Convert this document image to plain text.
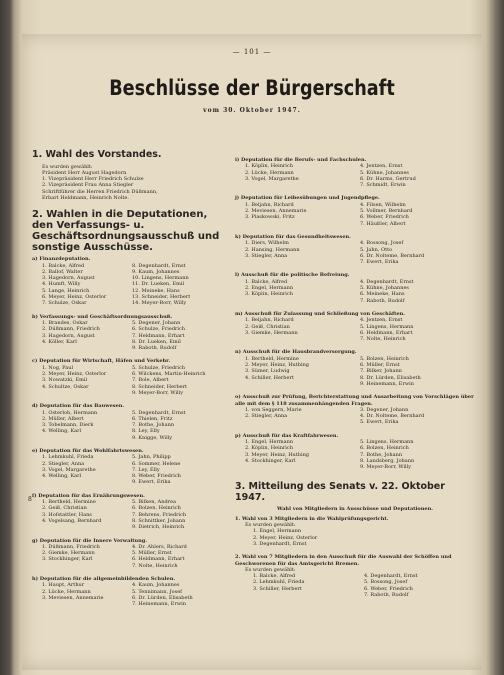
— 101 —
Beschlüsse der Bürgerschaft
vom 30. Oktober 1947.
8
1. Wahl des Vorstandes.
Es wurden gewählt:
Präsident Herr August Hagedorn
1. Vizepräsident Herr Friedrich Schulze
2. Vizepräsident Frau Anna Stiegler
Schriftführer die Herren Friedrich Düßmann,
Erhart Heldmann, Heinrich Nolte.
2. Wahlen in die Deputationen, den Verfassungs- u. Geschäftsordnungsausschuß und sonstige Ausschüsse.
a) Finanzdeputation.
1. Balcke, Alfred
2. Ballof, Walter
3. Hagedorn, August
4. Humft, Willy
5. Lange, Heinrich
6. Meyer, Heinz, Osterlor
7. Schulze, Oskar
8. Degenhardt, Ernst
9. Kaum, Johannes
10. Lingens, Hermann
11. Dr. Lueken, Emil
12. Meineke, Hans
13. Schneider, Herbert
14. Meyer-Borr, Willy
b) Verfassungs- und Geschäftsordnungsausschuß.
1. Brandes, Oskar
2. Düßmann, Friedrich
3. Hagedorn, August
4. Köller, Karl
5. Degener, Johann
6. Schulze, Friedrich
7. Heldmann, Erhart
8. Dr. Lueken, Emil
9. Raboth, Rudolf
c) Deputation für Wirtschaft, Häfen und Verkehr.
1. Nog, Paul
2. Meyer, Heinz, Osterlor
3. Nowatzki, Emil
4. Schultze, Oskar
5. Schulze, Friedrich
6. Wilckens, Martin-Heinrich
7. Bole, Albert
8. Schneider, Herbert
9. Meyer-Borr, Willy
d) Deputation für das Bauwesen.
1. Osterloh, Hermann
2. Müller, Albert
3. Tobelmann, Dierk
4. Welling, Karl
5. Degenhardt, Ernst
6. Thielen, Fritz
7. Bothe, Johann
8. Ley, Elly
9. Knigge, Willy
e) Deputation für das Wohlfahrtswesen.
1. Lehmkuhl, Frieda
2. Stiegler, Anna
3. Vogel, Margarethe
4. Welling, Karl
5. Jahn, Philipp
6. Sommer, Helene
7. Ley, Elly
8. Weber, Friedrich
9. Ewert, Erika
f) Deputation für das Ernährungswesen.
1. Bertheld, Hermine
2. Geiß, Christian
3. Hofstattler, Hans
4. Vogelsang, Bernhard
5. Bilken, Andrea
6. Bolzen, Heinrich
7. Behrens, Friedrich
8. Schnittker, Johann
9. Dietrich, Heinrich
g) Deputation für die Innere Verwaltung.
1. Düßmann, Friedrich
2. Giemke, Hermann
3. Stockhinger, Karl
4. Dr. Ahlers, Richard
5. Müller, Ernst
6. Heldmann, Erhart
7. Nolte, Heinrich
h) Deputation für die allgemeinbildenden Schulen.
1. Haupt, Arthur
2. Lücke, Hermann
3. Meviesen, Annemarie
4. Kaum, Johannes
5. Tennimann, Josef
6. Dr. Lürden, Elisabeth
7. Heinemann, Erwin
i) Deputation für die Berufs- und Fachschulen.
1. Köplin, Heinrich
2. Lücke, Hermann
3. Vogel, Margarethe
4. Jentzen, Ernst
5. Kühne, Johannes
6. Dr. Harms, Gertrud
7. Schmidt, Erwin
j) Deputation für Leibesübungen und Jugendpflege.
1. Beljahn, Richard
2. Meviesen, Annemarie
3. Piaskowski, Fritz
4. Filsen, Wilhelm
5. Vollmer, Bernhard
6. Weber, Friedrich
7. Häußler, Albert
k) Deputation für das Gesundheitswesen.
1. Diers, Wilhelm
2. Hansing, Hermann
3. Stiegler, Anna
4. Bossong, Josef
5. Jahn, Otto
6. Dr. Nolteme, Bernhard
7. Ewert, Erika
l) Ausschuß für die politische Befreiung.
1. Balcke, Alfred
2. Engel, Hermann
3. Köplin, Heinrich
4. Degenhardt, Ernst
5. Kühne, Johannes
6. Meineke, Hans
7. Raboth, Rudolf
m) Ausschuß für Zulassung und Schließung von Geschäften.
1. Beljahn, Richard
2. Geiß, Christian
3. Giemke, Hermann
4. Jentzen, Ernst
5. Lingens, Hermann
6. Heldmann, Erhart
7. Nolte, Heinrich
n) Ausschuß für die Hausbrandversorgung.
1. Bertheld, Hermine
2. Meyer, Heinz, Hutbing
3. Sümer, Ludwig
4. Schiller, Herbert
5. Bolzen, Heinrich
6. Müller, Ernst
7. Bilker, Johann
8. Dr. Lürden, Elisabeth
9. Heinemann, Erwin
o) Ausschuß zur Prüfung, Berichterstattung und Ausarbeitung von Vorschlägen über alle mit dem § 118 zusammenhängenden Fragen.
1. von Seggern, Marie
2. Stiegler, Anna
3. Degener, Johann
4. Dr. Nolteme, Bernhard
5. Ewert, Erika
p) Ausschuß für das Kraftfahrwesen.
1. Engel, Hermann
2. Köplin, Heinrich
3. Meyer, Heinz, Hutbing
4. Stockhinger, Karl
5. Lingens, Hermann
6. Bolzen, Heinrich
7. Bothe, Johann
8. Landsberg, Johann
9. Meyer-Borr, Willy
3. Mitteilung des Senats v. 22. Oktober 1947.
Wahl von Mitgliedern in Ausschüsse und Deputationen.
1. Wahl von 3 Mitgliedern in die Wahlprüfungsgericht.
Es wurden gewählt:
1. Engel, Hermann
2. Meyer, Heinz, Osterlor
3. Degenhardt, Ernst
2. Wahl von 7 Mitgliedern in den Ausschuß für die Auswahl der Schöffen und Geschworenen für das Amtsgericht Bremen.
Es wurden gewählt:
1. Balcke, Alfred
2. Lehmkuhl, Frieda
3. Schiller, Herbert
4. Degenhardt, Ernst
5. Bossong, Josef
6. Weber, Friedrich
7. Raboth, Rudolf
